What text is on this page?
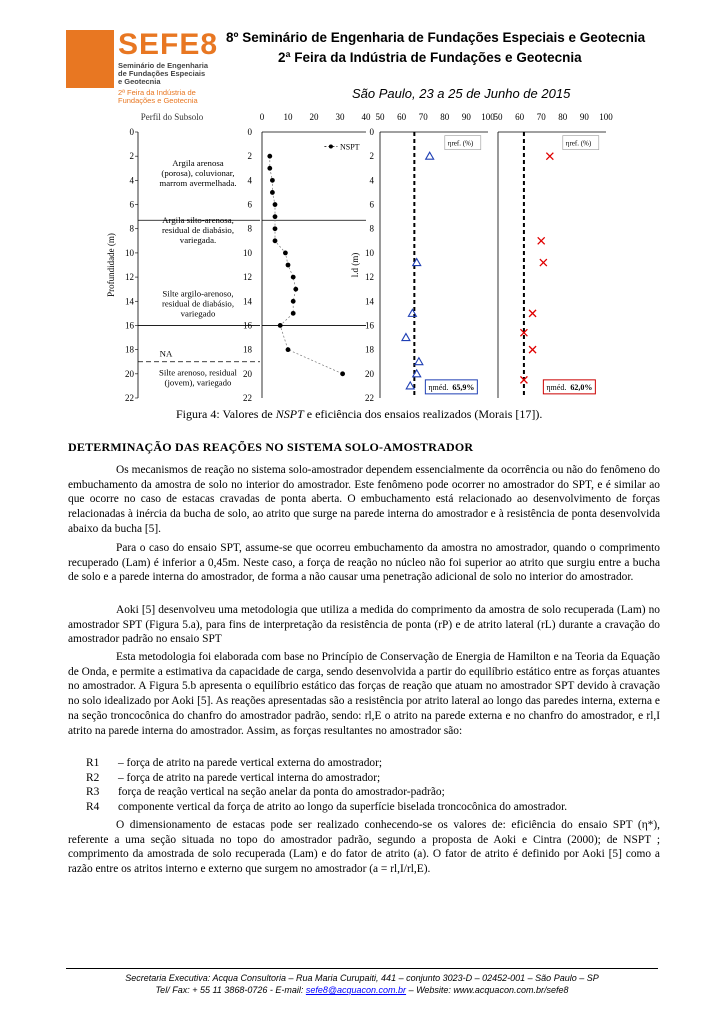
SEFE8
Seminário de Engenharia
de Fundações Especiais
e Geotecnia
2ª Feira da Indústria de
Fundações e Geotecnia
8º Seminário de Engenharia de Fundações Especiais e Geotecnia
2ª Feira da Indústria de Fundações e Geotecnia
São Paulo, 23 a 25 de Junho de 2015
Perfil do Subsolo
0
2
4
6
8
10
12
14
16
18
20
22
Profundidade (m)
Argila arenosa
(porosa), coluvionar,
marrom avermelhada.
Argila silto-arenosa,
residual de diabásio,
variegada.
Silte argilo-arenoso,
residual de diabásio,
variegado
Silte arenoso, residual
(jovem), variegado
NA
0 10 20 30 40
0
2
4
6
8
10
12
14
16
18
20
22
NSPT
0
2
4
6
8
10
12
14
16
18
20
22
l.d (m)
50 60 70 80 90 100
ηref. (%)
ηméd. 65,9%
50 60 70 80 90 100
ηref. (%)
ηméd. 62,0%
Figura 4: Valores de NSPT e eficiência dos ensaios realizados (Morais [17]).
DETERMINAÇÃO DAS REAÇÕES NO SISTEMA SOLO-AMOSTRADOR
Os mecanismos de reação no sistema solo-amostrador dependem essencialmente da ocorrência ou não do fenômeno do embuchamento da amostra de solo no interior do amostrador. Este fenômeno pode ocorrer no amostrador do SPT, e é similar ao que ocorre no caso de estacas cravadas de ponta aberta. O embuchamento está relacionado ao desenvolvimento de forças relacionadas à inércia da bucha de solo, ao atrito que surge na parede interna do amostrador e à resistência de ponta desenvolvida abaixo da bucha [5].
Para o caso do ensaio SPT, assume-se que ocorreu embuchamento da amostra no amostrador, quando o comprimento recuperado (Lam) é inferior a 0,45m. Neste caso, a força de reação no núcleo não foi superior ao atrito que surgiu entre a bucha de solo e a parede interna do amostrador, de forma a não causar uma penetração adicional de solo no interior do amostrador.
Aoki [5] desenvolveu uma metodologia que utiliza a medida do comprimento da amostra de solo recuperada (Lam) no amostrador SPT (Figura 5.a), para fins de interpretação da resistência de ponta (rP) e de atrito lateral (rL) durante a cravação do amostrador padrão no ensaio SPT
Esta metodologia foi elaborada com base no Princípio de Conservação de Energia de Hamilton e na Teoria da Equação de Onda, e permite a estimativa da capacidade de carga, sendo desenvolvida a partir do equilíbrio estático entre as forças atuantes no amostrador. A Figura 5.b apresenta o equilíbrio estático das forças de reação que atuam no amostrador SPT devido à cravação no solo idealizado por Aoki [5]. As reações apresentadas são a resistência por atrito lateral ao longo das paredes interna, externa e na seção troncocônica do chanfro do amostrador padrão, sendo: rl,E o atrito na parede externa e no chanfro do amostrador, e rl,I atrito na parede interna do amostrador. Assim, as forças resultantes no amostrador são:
R1 – força de atrito na parede vertical externa do amostrador;
R2 – força de atrito na parede vertical interna do amostrador;
R3 força de reação vertical na seção anelar da ponta do amostrador-padrão;
R4 componente vertical da força de atrito ao longo da superfície biselada troncocônica do amostrador.
O dimensionamento de estacas pode ser realizado conhecendo-se os valores de: eficiência do ensaio SPT (η*), referente a uma seção situada no topo do amostrador padrão, segundo a proposta de Aoki e Cintra (2000); de NSPT ; comprimento da amostrada de solo recuperada (Lam) e do fator de atrito (a). O fator de atrito é definido por Aoki [5] como a razão entre os atritos interno e externo que surgem no amostrador (a = rl,I/rl,E).
Secretaria Executiva: Acqua Consultoria – Rua Maria Curupaiti, 441 – conjunto 3023-D – 02452-001 – São Paulo – SP
Tel/ Fax: + 55 11 3868-0726 - E-mail: sefe8@acquacon.com.br – Website: www.acquacon.com.br/sefe8
